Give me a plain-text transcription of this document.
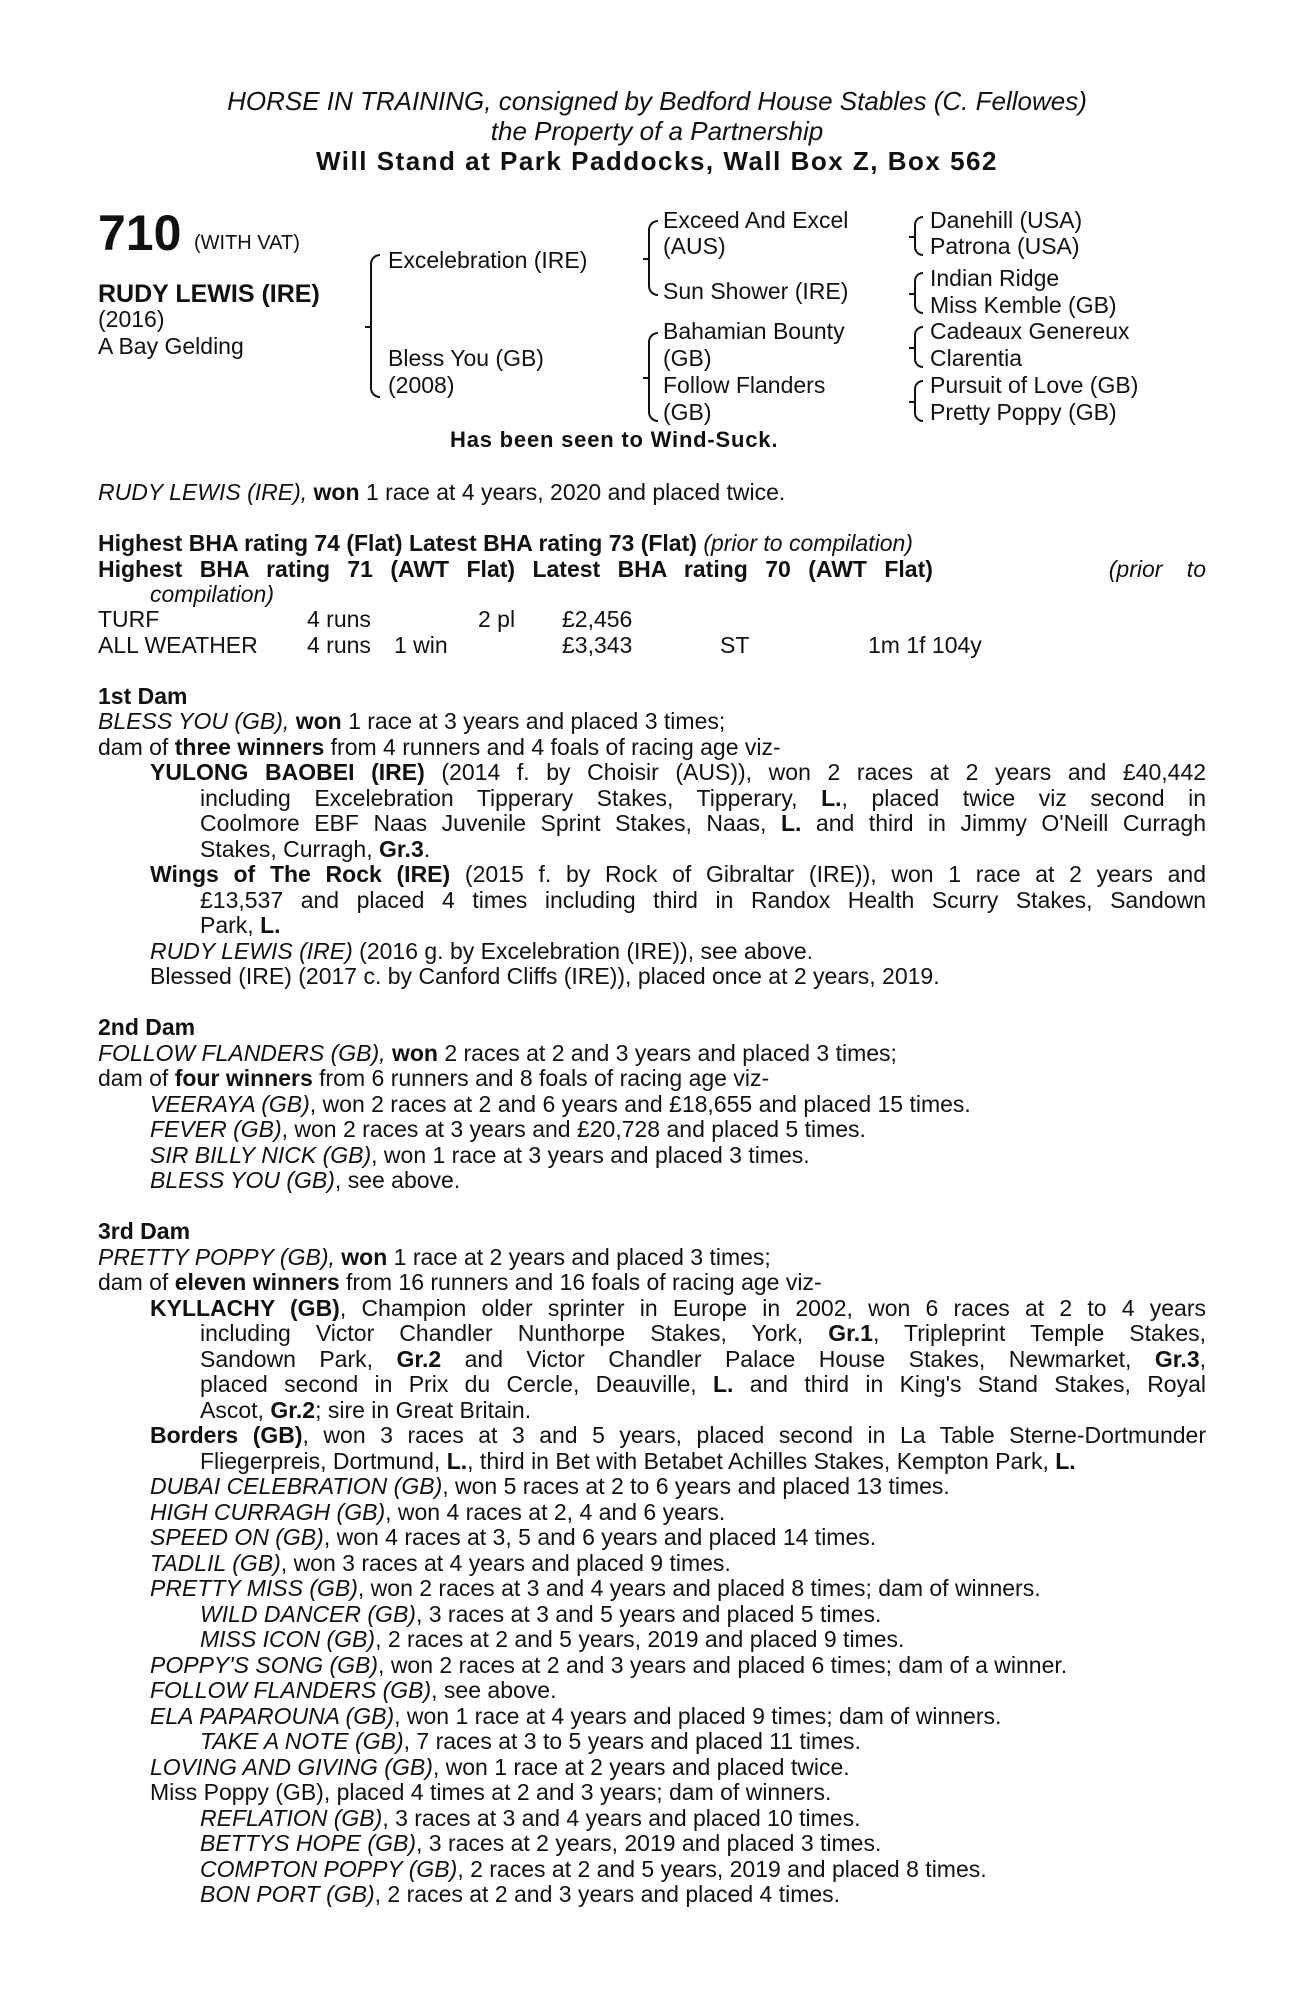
HORSE IN TRAINING, consigned by Bedford House Stables (C. Fellowes)
the Property of a Partnership
Will Stand at Park Paddocks, Wall Box Z, Box 562
710 (WITH VAT)
RUDY LEWIS (IRE)
(2016)
A Bay Gelding
Excelebration (IRE)
Bless You (GB)
(2008)
Exceed And Excel
(AUS)
Sun Shower (IRE)
Bahamian Bounty
(GB)
Follow Flanders
(GB)
Danehill (USA)
Patrona (USA)
Indian Ridge
Miss Kemble (GB)
Cadeaux Genereux
Clarentia
Pursuit of Love (GB)
Pretty Poppy (GB)
Has been seen to Wind-Suck.
RUDY LEWIS (IRE), won 1 race at 4 years, 2020 and placed twice.
Highest BHA rating 74 (Flat) Latest BHA rating 73 (Flat) (prior to compilation)
Highest BHA rating 71 (AWT Flat) Latest BHA rating 70 (AWT Flat)	(prior to
compilation)
TURF	4 runs	2 pl £2,456
ALL WEATHER 4 runs 1 win	£3,343	ST	1m 1f 104y
1st Dam
BLESS YOU (GB), won 1 race at 3 years and placed 3 times;
dam of three winners from 4 runners and 4 foals of racing age viz-
YULONG BAOBEI (IRE) (2014 f. by Choisir (AUS)), won 2 races at 2 years and £40,442
including Excelebration Tipperary Stakes, Tipperary, L., placed twice viz second in
Coolmore EBF Naas Juvenile Sprint Stakes, Naas, L. and third in Jimmy O'Neill Curragh
Stakes, Curragh, Gr.3.
Wings of The Rock (IRE) (2015 f. by Rock of Gibraltar (IRE)), won 1 race at 2 years and
£13,537 and placed 4 times including third in Randox Health Scurry Stakes, Sandown
Park, L.
RUDY LEWIS (IRE) (2016 g. by Excelebration (IRE)), see above.
Blessed (IRE) (2017 c. by Canford Cliffs (IRE)), placed once at 2 years, 2019.
2nd Dam
FOLLOW FLANDERS (GB), won 2 races at 2 and 3 years and placed 3 times;
dam of four winners from 6 runners and 8 foals of racing age viz-
VEERAYA (GB), won 2 races at 2 and 6 years and £18,655 and placed 15 times.
FEVER (GB), won 2 races at 3 years and £20,728 and placed 5 times.
SIR BILLY NICK (GB), won 1 race at 3 years and placed 3 times.
BLESS YOU (GB), see above.
3rd Dam
PRETTY POPPY (GB), won 1 race at 2 years and placed 3 times;
dam of eleven winners from 16 runners and 16 foals of racing age viz-
KYLLACHY (GB), Champion older sprinter in Europe in 2002, won 6 races at 2 to 4 years
including Victor Chandler Nunthorpe Stakes, York, Gr.1, Tripleprint Temple Stakes,
Sandown Park, Gr.2 and Victor Chandler Palace House Stakes, Newmarket, Gr.3,
placed second in Prix du Cercle, Deauville, L. and third in King's Stand Stakes, Royal
Ascot, Gr.2; sire in Great Britain.
Borders (GB), won 3 races at 3 and 5 years, placed second in La Table Sterne-Dortmunder
Fliegerpreis, Dortmund, L., third in Bet with Betabet Achilles Stakes, Kempton Park, L.
DUBAI CELEBRATION (GB), won 5 races at 2 to 6 years and placed 13 times.
HIGH CURRAGH (GB), won 4 races at 2, 4 and 6 years.
SPEED ON (GB), won 4 races at 3, 5 and 6 years and placed 14 times.
TADLIL (GB), won 3 races at 4 years and placed 9 times.
PRETTY MISS (GB), won 2 races at 3 and 4 years and placed 8 times; dam of winners.
WILD DANCER (GB), 3 races at 3 and 5 years and placed 5 times.
MISS ICON (GB), 2 races at 2 and 5 years, 2019 and placed 9 times.
POPPY'S SONG (GB), won 2 races at 2 and 3 years and placed 6 times; dam of a winner.
FOLLOW FLANDERS (GB), see above.
ELA PAPAROUNA (GB), won 1 race at 4 years and placed 9 times; dam of winners.
TAKE A NOTE (GB), 7 races at 3 to 5 years and placed 11 times.
LOVING AND GIVING (GB), won 1 race at 2 years and placed twice.
Miss Poppy (GB), placed 4 times at 2 and 3 years; dam of winners.
REFLATION (GB), 3 races at 3 and 4 years and placed 10 times.
BETTYS HOPE (GB), 3 races at 2 years, 2019 and placed 3 times.
COMPTON POPPY (GB), 2 races at 2 and 5 years, 2019 and placed 8 times.
BON PORT (GB), 2 races at 2 and 3 years and placed 4 times.
